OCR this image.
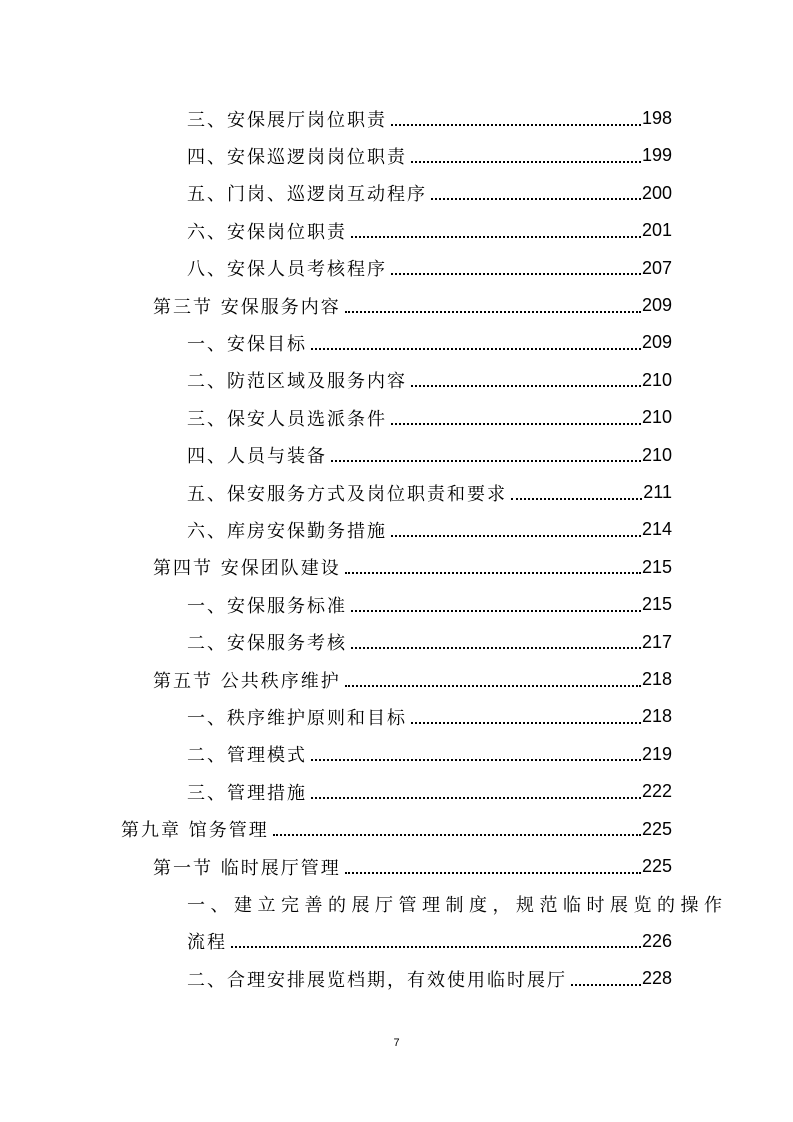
三、安保展厅岗位职责	198
四、安保巡逻岗岗位职责	199
五、门岗、巡逻岗互动程序	200
六、安保岗位职责	201
八、安保人员考核程序	207
第三节 安保服务内容	209
一、安保目标	209
二、防范区域及服务内容	210
三、保安人员选派条件	210
四、人员与装备	210
五、保安服务方式及岗位职责和要求	211
六、库房安保勤务措施	214
第四节 安保团队建设	215
一、安保服务标准	215
二、安保服务考核	217
第五节 公共秩序维护	218
一、秩序维护原则和目标	218
二、管理模式	219
三、管理措施	222
第九章 馆务管理	225
第一节 临时展厅管理	225
一、建立完善的展厅管理制度，规范临时展览的操作
流程	226
二、合理安排展览档期，有效使用临时展厅	228
7
